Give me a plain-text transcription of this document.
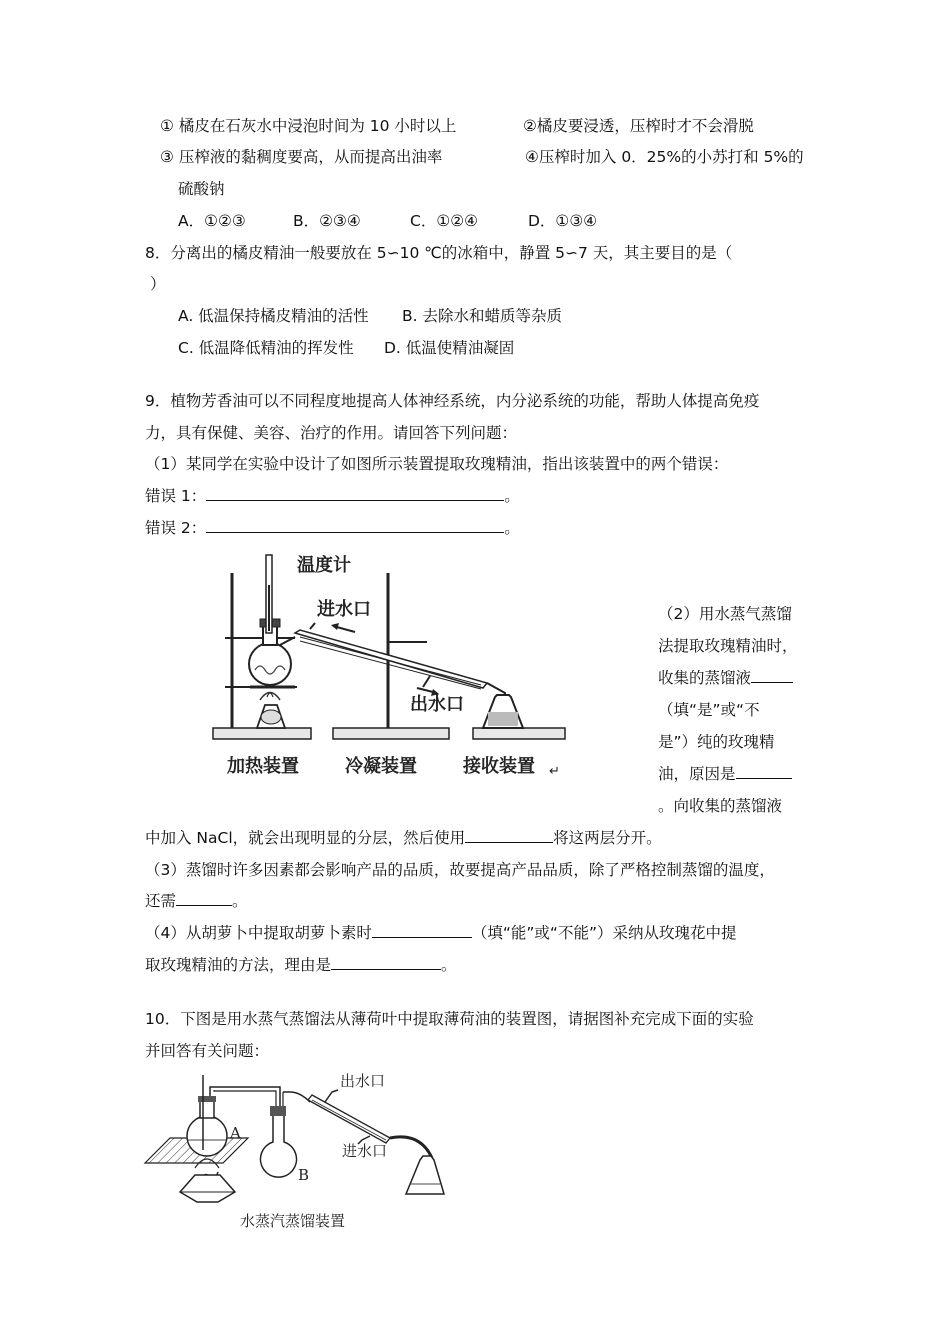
① 橘皮在石灰水中浸泡时间为 10 小时以上	②橘皮要浸透，压榨时才不会滑脱
③ 压榨液的黏稠度要高，从而提高出油率	④压榨时加入 0．25%的小苏打和 5%的
硫酸钠
A．①②③	B．②③④	C．①②④	D．①③④
8．分离出的橘皮精油一般要放在 5∽10 ℃的冰箱中，静置 5∽7 天，其主要目的是（
）
A. 低温保持橘皮精油的活性 B. 去除水和蜡质等杂质
C. 低温降低精油的挥发性 D. 低温使精油凝固
9．植物芳香油可以不同程度地提高人体神经系统，内分泌系统的功能，帮助人体提高免疫
力，具有保健、美容、治疗的作用。请回答下列问题：
（1）某同学在实验中设计了如图所示装置提取玫瑰精油，指出该装置中的两个错误：
错误 1：	。
错误 2：	。
温度计
进水口
出水口
加热装置	冷凝装置	接收装置 ↵
（2）用水蒸气蒸馏
法提取玫瑰精油时，
收集的蒸馏液
（填“是”或“不
是”）纯的玫瑰精
油，原因是
。向收集的蒸馏液
中加入 NaCl，就会出现明显的分层，然后使用	将这两层分开。
（3）蒸馏时许多因素都会影响产品的品质，故要提高产品品质，除了严格控制蒸馏的温度，
还需	。
（4）从胡萝卜中提取胡萝卜素时	（填“能”或“不能”）采纳从玫瑰花中提
取玫瑰精油的方法，理由是	。
10．下图是用水蒸气蒸馏法从薄荷叶中提取薄荷油的装置图，请据图补充完成下面的实验
并回答有关问题：
A
B
出水口
进水口
水蒸汽蒸馏装置
